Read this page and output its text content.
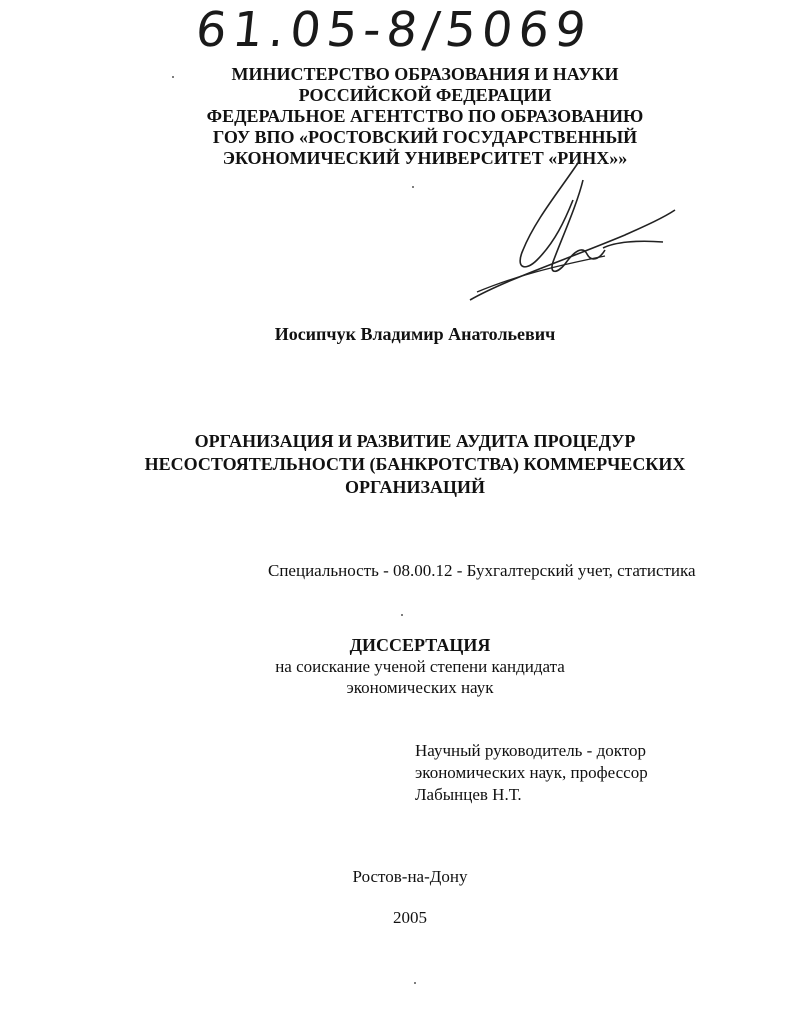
61.05-8/5069
МИНИСТЕРСТВО ОБРАЗОВАНИЯ И НАУКИ
РОССИЙСКОЙ ФЕДЕРАЦИИ
ФЕДЕРАЛЬНОЕ АГЕНТСТВО ПО ОБРАЗОВАНИЮ
ГОУ ВПО «РОСТОВСКИЙ ГОСУДАРСТВЕННЫЙ
ЭКОНОМИЧЕСКИЙ УНИВЕРСИТЕТ «РИНХ»»
Иосипчук Владимир Анатольевич
ОРГАНИЗАЦИЯ И РАЗВИТИЕ АУДИТА ПРОЦЕДУР
НЕСОСТОЯТЕЛЬНОСТИ (БАНКРОТСТВА) КОММЕРЧЕСКИХ
ОРГАНИЗАЦИЙ
Специальность - 08.00.12 - Бухгалтерский учет, статистика
ДИССЕРТАЦИЯ
на соискание ученой степени кандидата
экономических наук
Научный руководитель - доктор
экономических наук, профессор
Лабынцев Н.Т.
Ростов-на-Дону
2005
